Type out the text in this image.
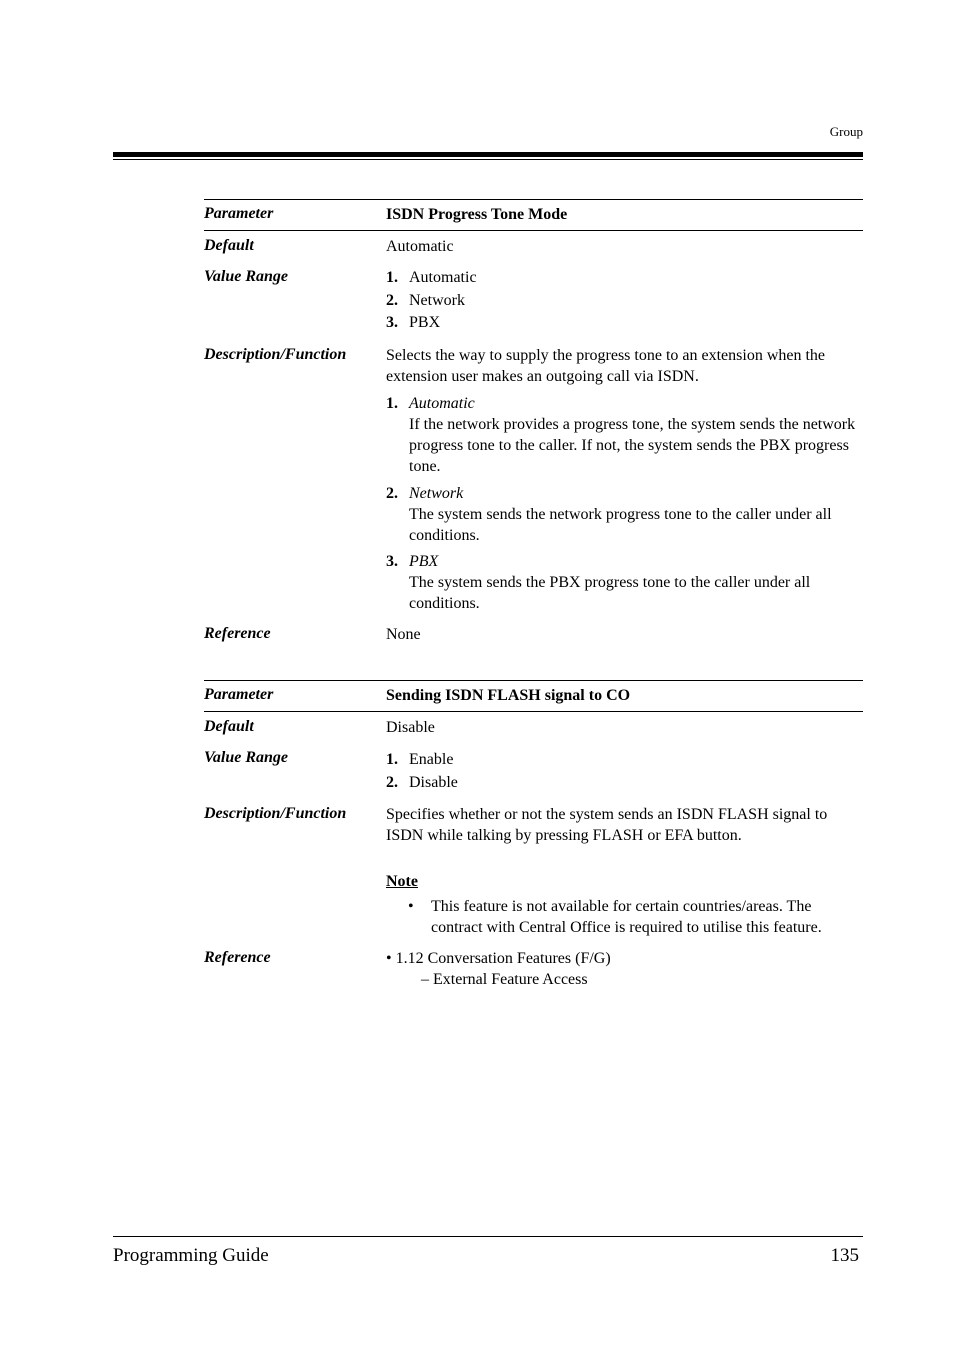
Group
Parameter	ISDN Progress Tone Mode
Default	Automatic
Value Range	1. Automatic
2. Network
3. PBX
Description/Function Selects the way to supply the progress tone to an extension when the extension user makes an outgoing call via ISDN.
1. Automatic
If the network provides a progress tone, the system sends the network progress tone to the caller. If not, the system sends the PBX progress tone.
2. Network
The system sends the network progress tone to the caller under all conditions.
3. PBX
The system sends the PBX progress tone to the caller under all conditions.
Reference	None
Parameter	Sending ISDN FLASH signal to CO
Default	Disable
Value Range	1. Enable
2. Disable
Description/Function Specifies whether or not the system sends an ISDN FLASH signal to ISDN while talking by pressing FLASH or EFA button.
Note
•	This feature is not available for certain countries/areas. The contract with Central Office is required to utilise this feature.
Reference	• 1.12 Conversation Features (F/G)
– External Feature Access
Programming Guide	135
